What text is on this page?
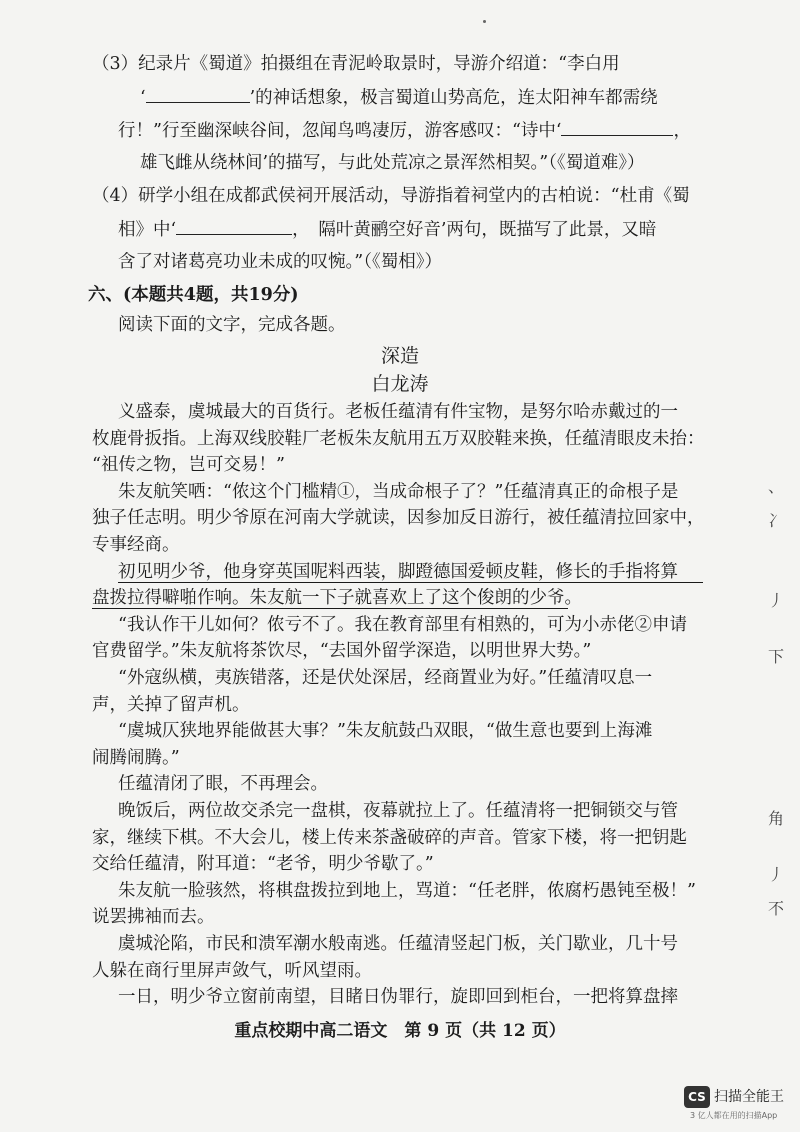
（3）纪录片《蜀道》拍摄组在青泥岭取景时，导游介绍道：“李白用
‘	’的神话想象，极言蜀道山势高危，连太阳神车都需绕
行！”行至幽深峡谷间，忽闻鸟鸣凄厉，游客感叹：“诗中‘	，
雄飞雌从绕林间’的描写，与此处荒凉之景浑然相契。”（《蜀道难》）
（4）研学小组在成都武侯祠开展活动，导游指着祠堂内的古柏说：“杜甫《蜀
相》中‘	，　隔叶黄鹂空好音’两句，既描写了此景，又暗
含了对诸葛亮功业未成的叹惋。”（《蜀相》）
六、(本题共4题，共19分)
阅读下面的文字，完成各题。
深造
白龙涛
义盛泰，虞城最大的百货行。老板任蕴清有件宝物，是努尔哈赤戴过的一
枚鹿骨扳指。上海双线胶鞋厂老板朱友航用五万双胶鞋来换，任蕴清眼皮未抬：
“祖传之物，岂可交易！”
朱友航笑哂：“侬这个门槛精①，当成命根子了？”任蕴清真正的命根子是
独子任志明。明少爷原在河南大学就读，因参加反日游行，被任蕴清拉回家中，
专事经商。
初见明少爷，他身穿英国呢料西装，脚蹬德国爱顿皮鞋，修长的手指将算
盘拨拉得噼啪作响。朱友航一下子就喜欢上了这个俊朗的少爷。
“我认作干儿如何？侬亏不了。我在教育部里有相熟的，可为小赤佬②申请
官费留学。”朱友航将茶饮尽，“去国外留学深造，以明世界大势。”
“外寇纵横，夷族错落，还是伏处深居，经商置业为好。”任蕴清叹息一
声，关掉了留声机。
“虞城仄狭地界能做甚大事？”朱友航鼓凸双眼，“做生意也要到上海滩
闹腾闹腾。”
任蕴清闭了眼，不再理会。
晚饭后，两位故交杀完一盘棋，夜幕就拉上了。任蕴清将一把铜锁交与管
家，继续下棋。不大会儿，楼上传来茶盏破碎的声音。管家下楼，将一把钥匙
交给任蕴清，附耳道：“老爷，明少爷歇了。”
朱友航一脸骇然，将棋盘拨拉到地上，骂道：“任老胖，侬腐朽愚钝至极！”
说罢拂袖而去。
虞城沦陷，市民和溃军潮水般南逃。任蕴清竖起门板，关门歇业，几十号
人躲在商行里屏声敛气，听风望雨。
一日，明少爷立窗前南望，目睹日伪罪行，旋即回到柜台，一把将算盘摔
、
冫
丿
下
角
丿
不
CS 扫描全能王
3 亿人都在用的扫描App
重点校期中高二语文　第 9 页（共 12 页）
